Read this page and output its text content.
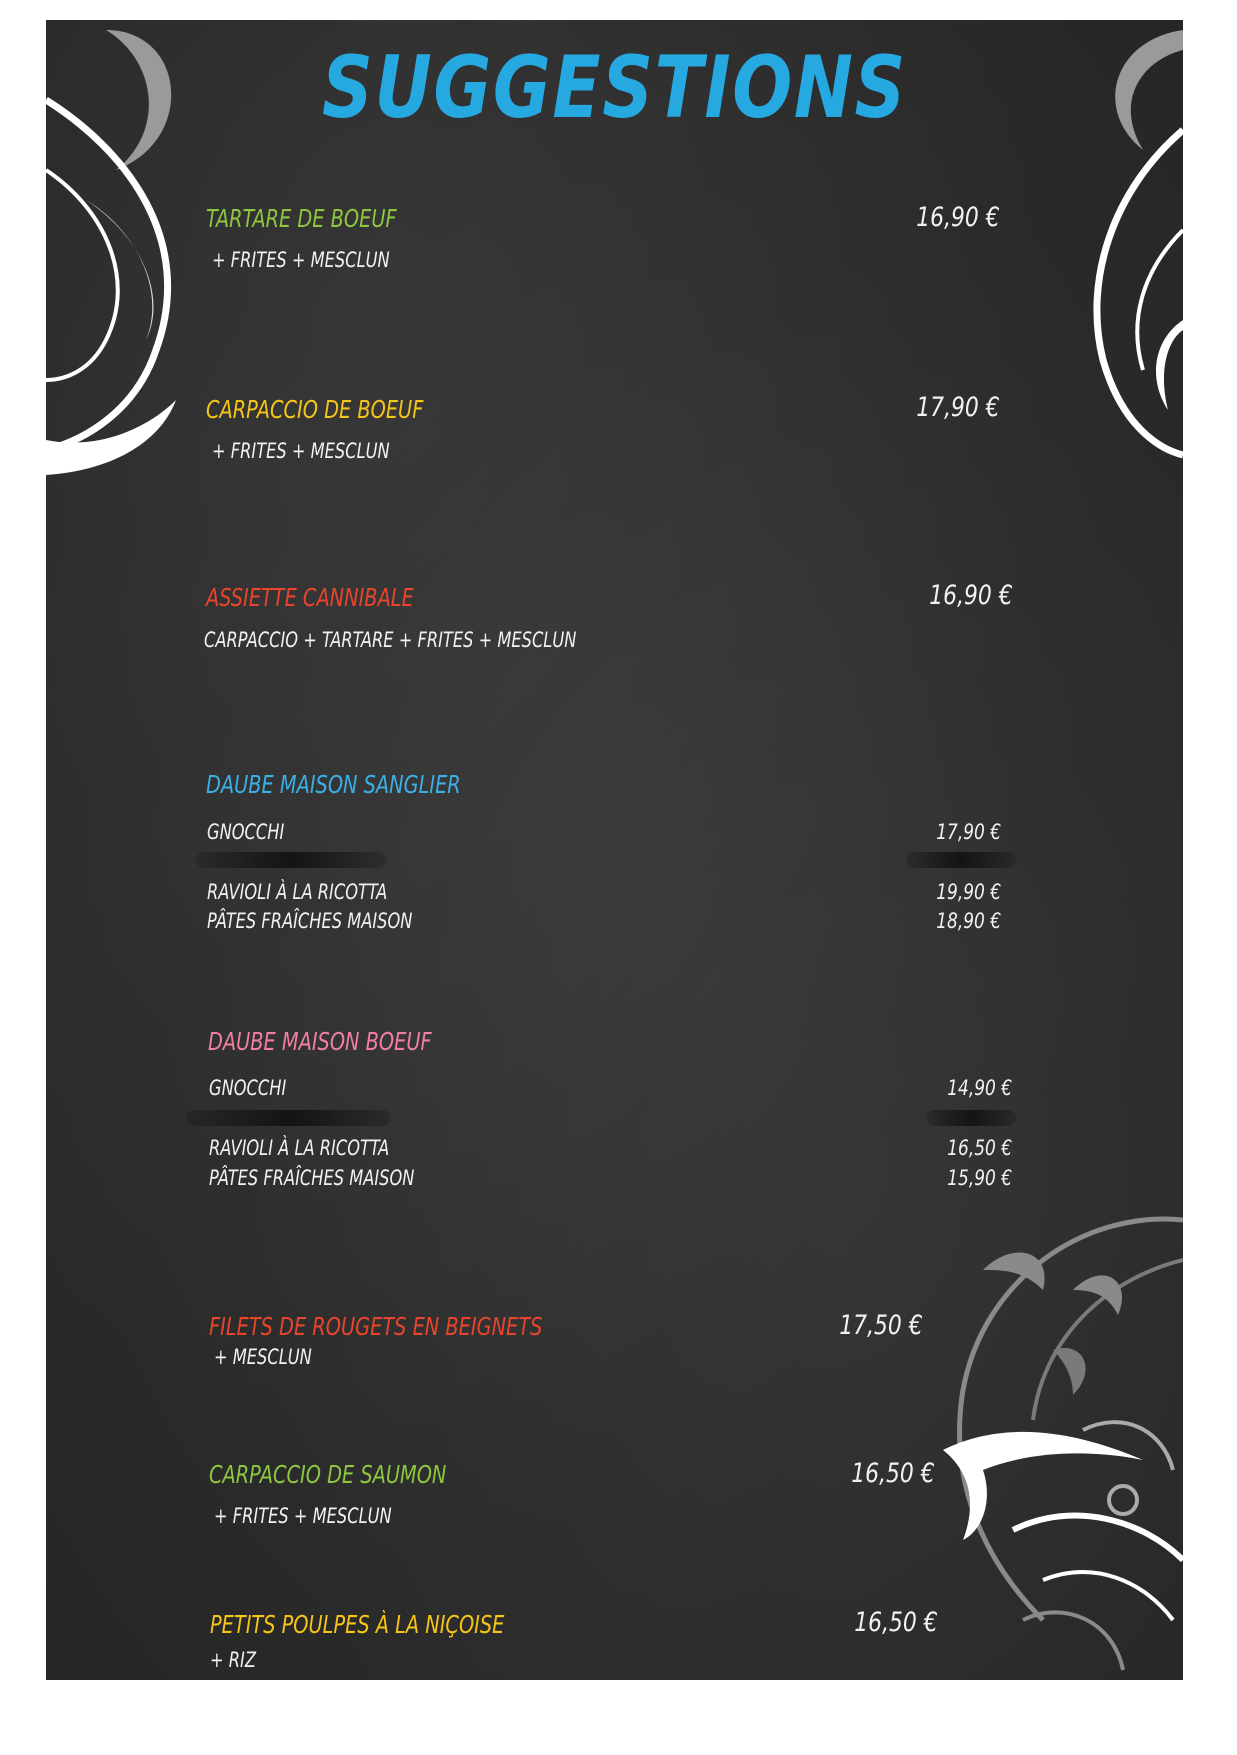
SUGGESTIONS
TARTARE DE BOEUF	16,90 €
+ FRITES + MESCLUN
CARPACCIO DE BOEUF	17,90 €
+ FRITES + MESCLUN
ASSIETTE CANNIBALE	16,90 €
CARPACCIO + TARTARE + FRITES + MESCLUN
DAUBE MAISON SANGLIER
GNOCCHI	17,90 €
RAVIOLI À LA RICOTTA	19,90 €
PÂTES FRAÎCHES MAISON	18,90 €
DAUBE MAISON BOEUF
GNOCCHI	14,90 €
RAVIOLI À LA RICOTTA	16,50 €
PÂTES FRAÎCHES MAISON	15,90 €
FILETS DE ROUGETS EN BEIGNETS	17,50 €
+ MESCLUN
CARPACCIO DE SAUMON	16,50 €
+ FRITES + MESCLUN
PETITS POULPES À LA NIÇOISE	16,50 €
+ RIZ
